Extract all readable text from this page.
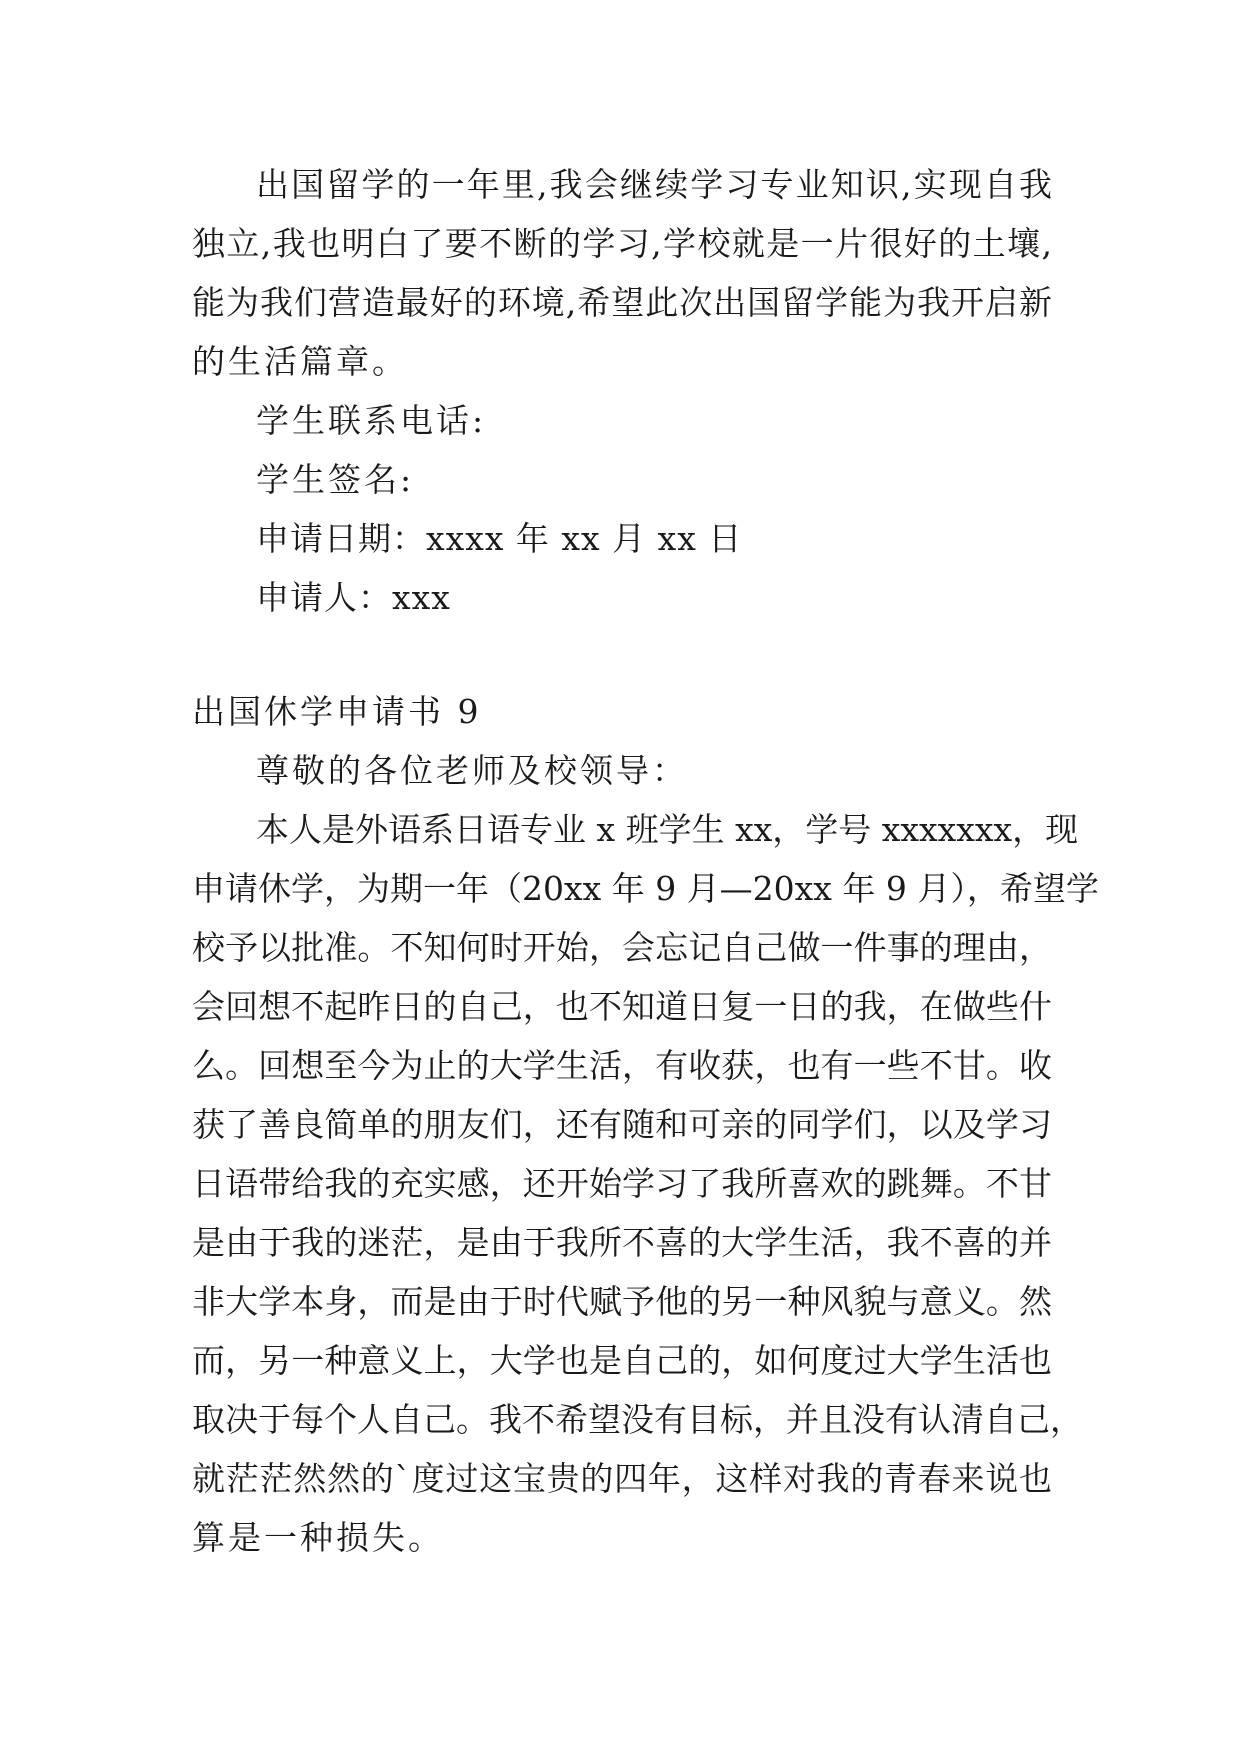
出国留学的一年里,我会继续学习专业知识,实现自我
独立,我也明白了要不断的学习,学校就是一片很好的土壤,
能为我们营造最好的环境,希望此次出国留学能为我开启新
的生活篇章。
学生联系电话:
学生签名:
申请日期：xxxx 年 xx 月 xx 日
申请人：xxx
出国休学申请书 9
尊敬的各位老师及校领导：
本人是外语系日语专业 x 班学生 xx，学号 xxxxxxx，现
申请休学，为期一年（20xx 年 9 月—20xx 年 9 月），希望学
校予以批准。不知何时开始，会忘记自己做一件事的理由，
会回想不起昨日的自己，也不知道日复一日的我，在做些什
么。回想至今为止的大学生活，有收获，也有一些不甘。收
获了善良简单的朋友们，还有随和可亲的同学们，以及学习
日语带给我的充实感，还开始学习了我所喜欢的跳舞。不甘
是由于我的迷茫，是由于我所不喜的大学生活，我不喜的并
非大学本身，而是由于时代赋予他的另一种风貌与意义。然
而，另一种意义上，大学也是自己的，如何度过大学生活也
取决于每个人自己。我不希望没有目标，并且没有认清自己，
就茫茫然然的`度过这宝贵的四年，这样对我的青春来说也
算是一种损失。
